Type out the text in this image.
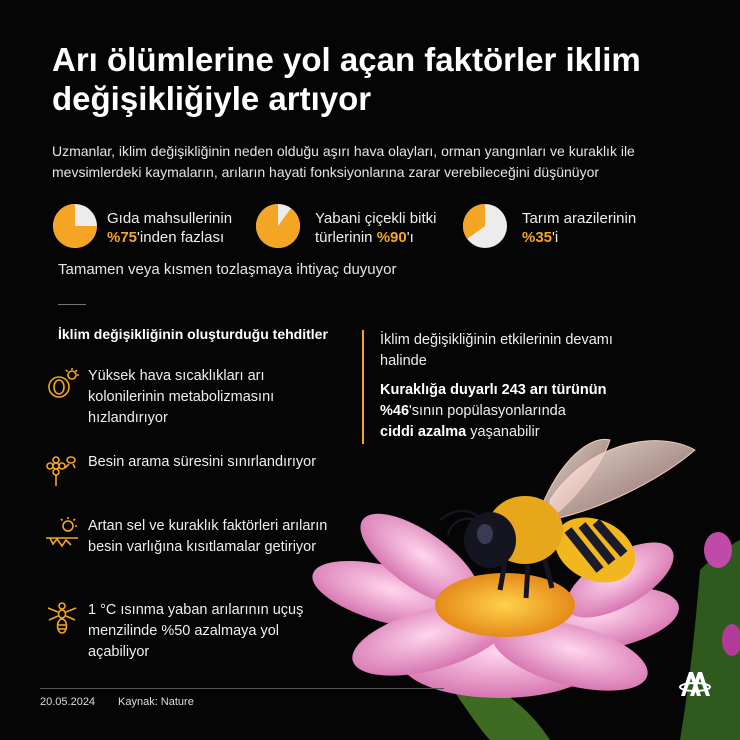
Arı ölümlerine yol açan faktörler iklim değişikliğiyle artıyor
Uzmanlar, iklim değişikliğinin neden olduğu aşırı hava olayları, orman yangınları ve kuraklık ile mevsimlerdeki kaymaların, arıların hayati fonksiyonlarına zarar verebileceğini düşünüyor
Gıda mahsullerinin
%75'inden fazlası
Yabani çiçekli bitki
türlerinin %90'ı
Tarım arazilerinin
%35'i
Tamamen veya kısmen tozlaşmaya ihtiyaç duyuyor
İklim değişikliğinin oluşturduğu tehditler
Yüksek hava sıcaklıkları arı kolonilerinin metabolizmasını hızlandırıyor
Besin arama süresini sınırlandırıyor
Artan sel ve kuraklık faktörleri arıların besin varlığına kısıtlamalar getiriyor
1 °C ısınma yaban arılarının uçuş menzilinde %50 azalmaya yol açabiliyor

İklim değişikliğinin etkilerinin devamı halinde

Kuraklığa duyarlı 243 arı türünün
%46'sının popülasyonlarında
ciddi azalma yaşanabilir

20.05.2024 Kaynak: Nature
